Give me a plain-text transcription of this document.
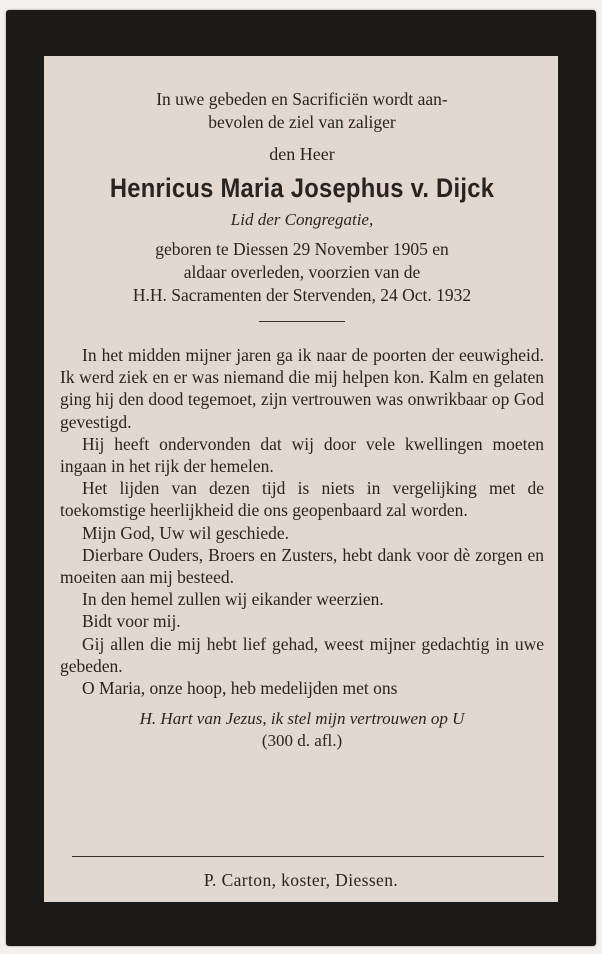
In uwe gebeden en Sacrificiën wordt aan-
bevolen de ziel van zaliger
den Heer
Henricus Maria Josephus v. Dijck
Lid der Congregatie,
geboren te Diessen 29 November 1905 en
aldaar overleden, voorzien van de
H.H. Sacramenten der Stervenden, 24 Oct. 1932

In het midden mijner jaren ga ik naar de poorten der eeuwigheid. Ik werd ziek en er was niemand die mij helpen kon. Kalm en gelaten ging hij den dood tegemoet, zijn vertrouwen was onwrikbaar op God gevestigd.

Hij heeft ondervonden dat wij door vele kwellingen moeten ingaan in het rijk der hemelen.

Het lijden van dezen tijd is niets in vergelijking met de toekomstige heerlijkheid die ons geopenbaard zal worden.

Mijn God, Uw wil geschiede.

Dierbare Ouders, Broers en Zusters, hebt dank voor dè zorgen en moeiten aan mij besteed.

In den hemel zullen wij eikander weerzien.

Bidt voor mij.

Gij allen die mij hebt lief gehad, weest mijner gedachtig in uwe gebeden.

O Maria, onze hoop, heb medelijden met ons

H. Hart van Jezus, ik stel mijn vertrouwen op U
(300 d. afl.)
P. Carton, koster, Diessen.
